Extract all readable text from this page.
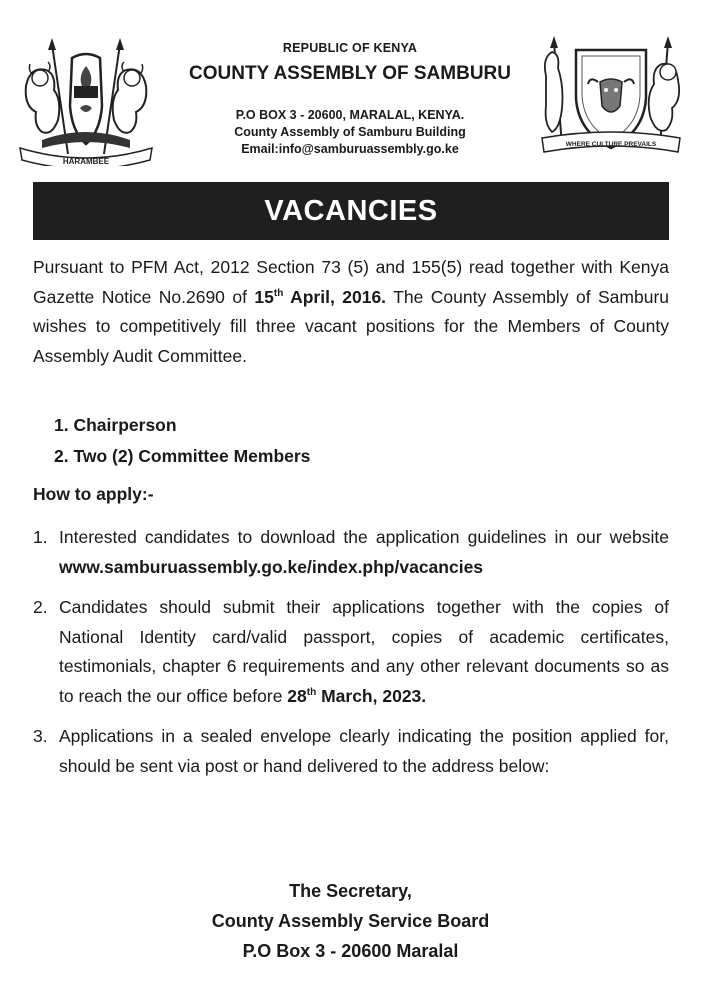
HARAMBEE
REPUBLIC OF KENYA
COUNTY ASSEMBLY OF SAMBURU
P.O BOX 3 - 20600, MARALAL, KENYA.
County Assembly of Samburu Building
Email:info@samburuassembly.go.ke	WHERE CULTURE PREVAILS
VACANCIES

Pursuant to PFM Act, 2012 Section 73 (5) and 155(5) read together with Kenya Gazette Notice No.2690 of 15th April, 2016. The County Assembly of Samburu wishes to competitively fill three vacant positions for the Members of County Assembly Audit Committee.

1. Chairperson
2. Two (2) Committee Members
How to apply:-
1. Interested candidates to download the application guidelines in our website www.samburuassembly.go.ke/index.php/vacancies
2. Candidates should submit their applications together with the copies of National Identity card/valid passport, copies of academic certificates, testimonials, chapter 6 requirements and any other relevant documents so as to reach the our office before 28th March, 2023.
3. Applications in a sealed envelope clearly indicating the position applied for, should be sent via post or hand delivered to the address below:
The Secretary,
County Assembly Service Board
P.O Box 3 - 20600 Maralal
